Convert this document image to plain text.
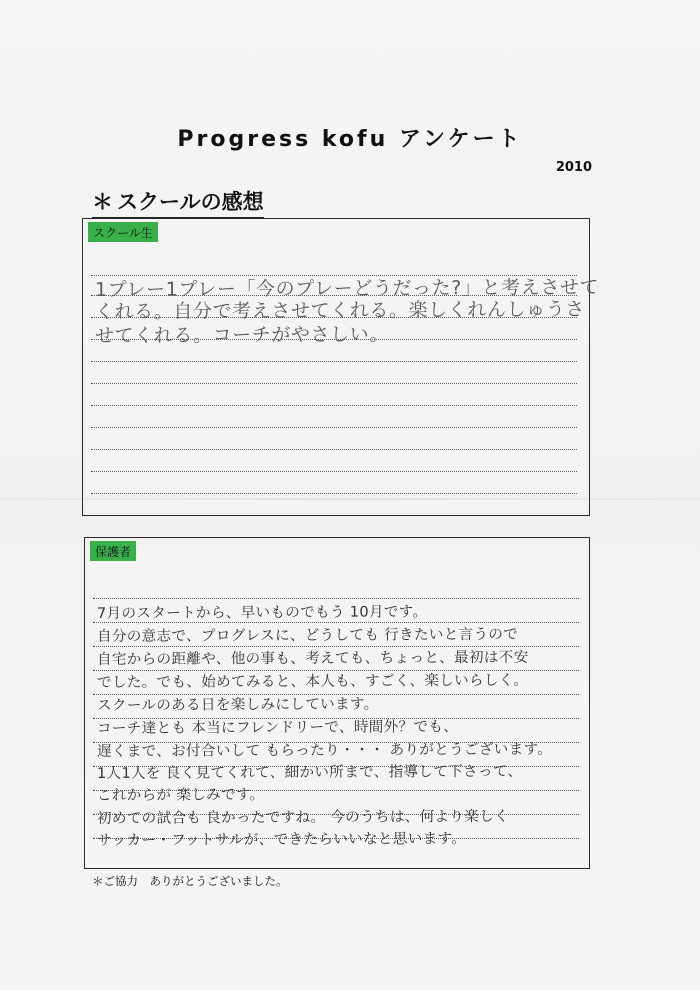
Progress kofu アンケート
2010
＊ スクールの感想
スクール生
1プレー1プレー「今のプレーどうだった?」と考えさせて
くれる。自分で考えさせてくれる。楽しくれんしゅうさ
せてくれる。コーチがやさしい。
保護者
7月のスタートから、早いものでもう 10月です。
自分の意志で、プログレスに、どうしても 行きたいと言うので
自宅からの距離や、他の事も、考えても、ちょっと、最初は不安
でした。でも、始めてみると、本人も、すごく、楽しいらしく。
スクールのある日を楽しみにしています。
コーチ達とも 本当にフレンドリーで、時間外？でも、
遅くまで、お付合いして もらったり・・・ ありがとうございます。
1人1人を 良く見てくれて、細かい所まで、指導して下さって、
これからが 楽しみです。
初めての試合も 良かったですね。 今のうちは、何より楽しく
サッカー・フットサルが、できたらいいなと思います。
＊ご協力　ありがとうございました。
